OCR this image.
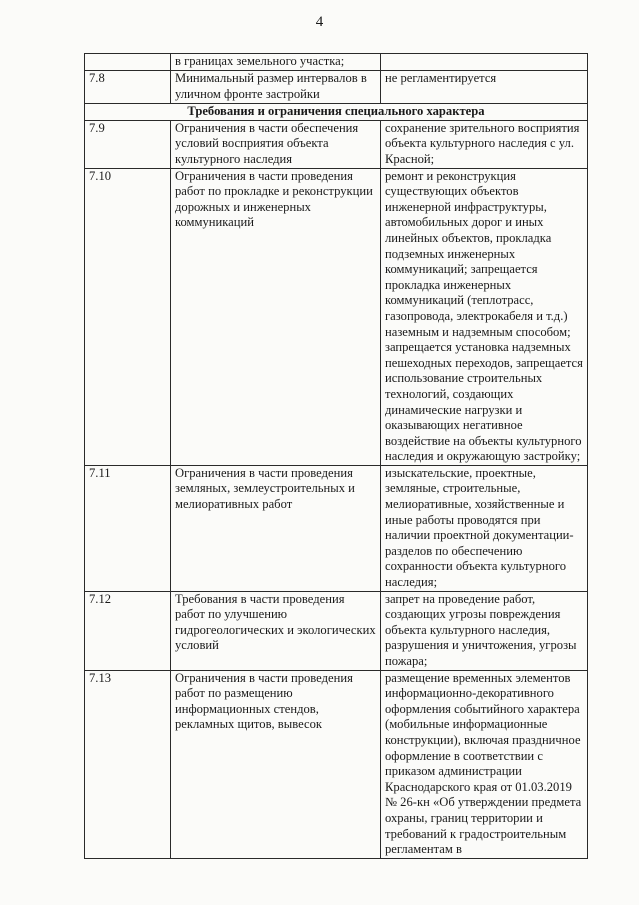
4
	в границах земельного участка;	
7.8	Минимальный размер интервалов в уличном фронте застройки	не регламентируется
Требования и ограничения специального характера		
7.9	Ограничения в части обеспечения условий восприятия объекта культурного наследия	сохранение зрительного восприятия объекта культурного наследия с ул. Красной;
7.10	Ограничения в части проведения работ по прокладке и реконструкции дорожных и инженерных коммуникаций	ремонт и реконструкция существующих объектов инженерной инфраструктуры, автомобильных дорог и иных линейных объектов, прокладка подземных инженерных коммуникаций; запрещается прокладка инженерных коммуникаций (теплотрасс, газопровода, электрокабеля и т.д.) наземным и надземным способом; запрещается установка надземных пешеходных переходов, запрещается использование строительных технологий, создающих динамические нагрузки и оказывающих негативное воздействие на объекты культурного наследия и окружающую застройку;
7.11	Ограничения в части проведения земляных, землеустроительных и мелиоративных работ	изыскательские, проектные, земляные, строительные, мелиоративные, хозяйственные и иные работы проводятся при наличии проектной документации-разделов по обеспечению сохранности объекта культурного наследия;
7.12	Требования в части проведения работ по улучшению гидрогеологических и экологических условий	запрет на проведение работ, создающих угрозы повреждения объекта культурного наследия, разрушения и уничтожения, угрозы пожара;
7.13	Ограничения в части проведения работ по размещению информационных стендов, рекламных щитов, вывесок	размещение временных элементов информационно-декоративного оформления событийного характера (мобильные информационные конструкции), включая праздничное оформление в соответствии с приказом администрации Краснодарского края от 01.03.2019 № 26-кн «Об утверждении предмета охраны, границ территории и требований к градостроительным регламентам в
